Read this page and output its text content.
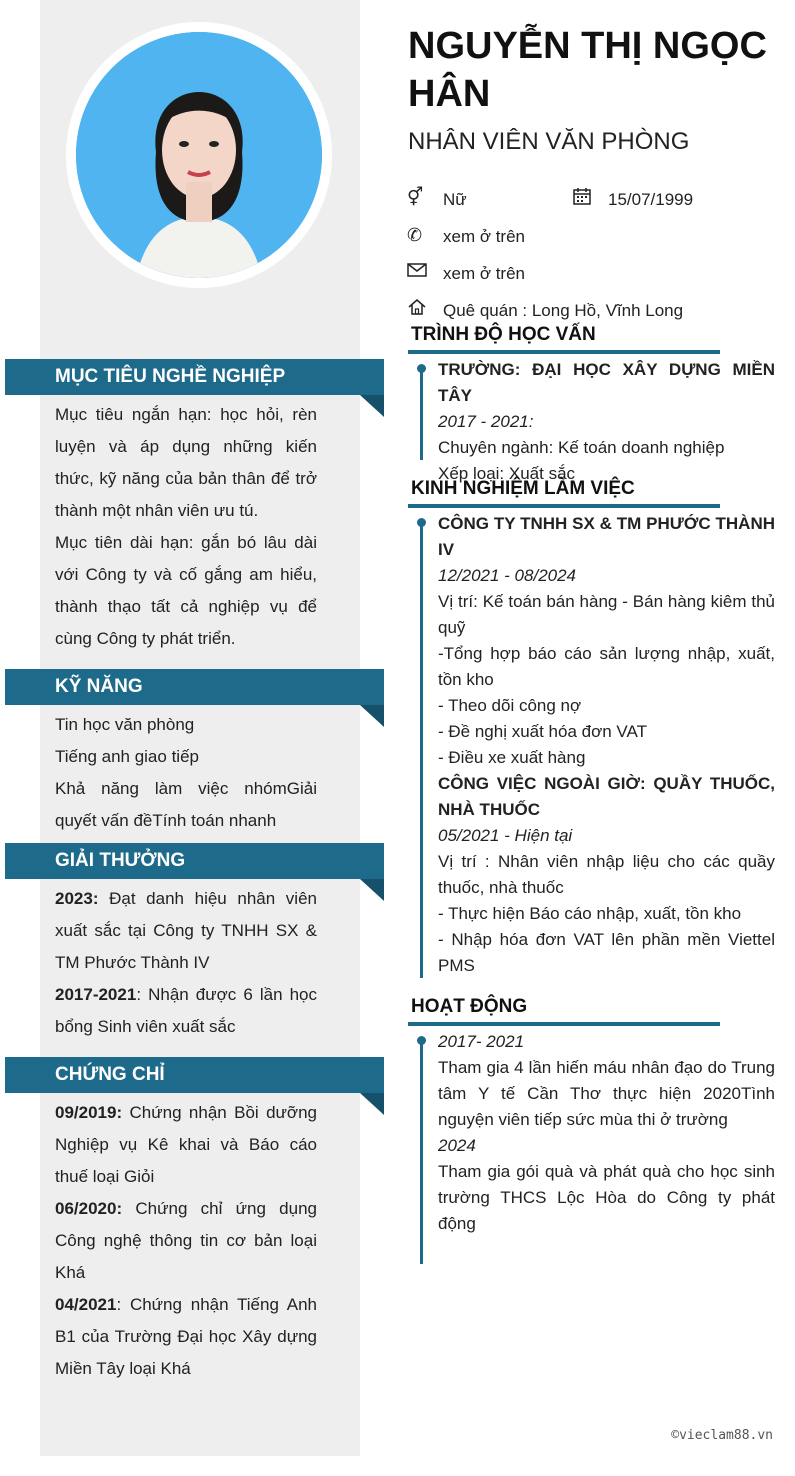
NGUYỄN THỊ NGỌC HÂN
NHÂN VIÊN VĂN PHÒNG
⚥	Nữ	15/07/1999
✆	xem ở trên
xem ở trên
Quê quán : Long Hồ, Vĩnh Long
MỤC TIÊU NGHỀ NGHIỆP

Mục tiêu ngắn hạn: học hỏi, rèn luyện và áp dụng những kiến thức, kỹ năng của bản thân để trở thành một nhân viên ưu tú.

Mục tiên dài hạn: gắn bó lâu dài với Công ty và cố gắng am hiểu, thành thạo tất cả nghiệp vụ để cùng Công ty phát triển.

KỸ NĂNG

Tin học văn phòng

Tiếng anh giao tiếp

Khả năng làm việc nhómGiải quyết vấn đềTính toán nhanh

GIẢI THƯỞNG

2023: Đạt danh hiệu nhân viên xuất sắc tại Công ty TNHH SX & TM Phước Thành IV

2017-2021: Nhận được 6 lần học bổng Sinh viên xuất sắc

CHỨNG CHỈ

09/2019: Chứng nhận Bồi dưỡng Nghiệp vụ Kê khai và Báo cáo thuế loại Giỏi

06/2020: Chứng chỉ ứng dụng Công nghệ thông tin cơ bản loại Khá

04/2021: Chứng nhận Tiếng Anh B1 của Trường Đại học Xây dựng Miền Tây loại Khá

TRÌNH ĐỘ HỌC VẤN

TRƯỜNG: ĐẠI HỌC XÂY DỰNG MIỀN TÂY

2017 - 2021:

Chuyên ngành: Kế toán doanh nghiệp

Xếp loại: Xuất sắc

KINH NGHIỆM LÀM VIỆC

CÔNG TY TNHH SX & TM PHƯỚC THÀNH IV

12/2021 - 08/2024

Vị trí: Kế toán bán hàng - Bán hàng kiêm thủ quỹ

-Tổng hợp báo cáo sản lượng nhập, xuất, tồn kho

- Theo dõi công nợ

- Đề nghị xuất hóa đơn VAT

- Điều xe xuất hàng

CÔNG VIỆC NGOÀI GIỜ: QUẦY THUỐC, NHÀ THUỐC

05/2021 - Hiện tại

Vị trí : Nhân viên nhập liệu cho các quầy thuốc, nhà thuốc

- Thực hiện Báo cáo nhập, xuất, tồn kho

- Nhập hóa đơn VAT lên phần mền Viettel PMS

HOẠT ĐỘNG

2017- 2021

Tham gia 4 lần hiến máu nhân đạo do Trung tâm Y tế Cần Thơ thực hiện 2020Tình nguyện viên tiếp sức mùa thi ở trường

2024

Tham gia gói quà và phát quà cho học sinh trường THCS Lộc Hòa do Công ty phát động

©vieclam88.vn
